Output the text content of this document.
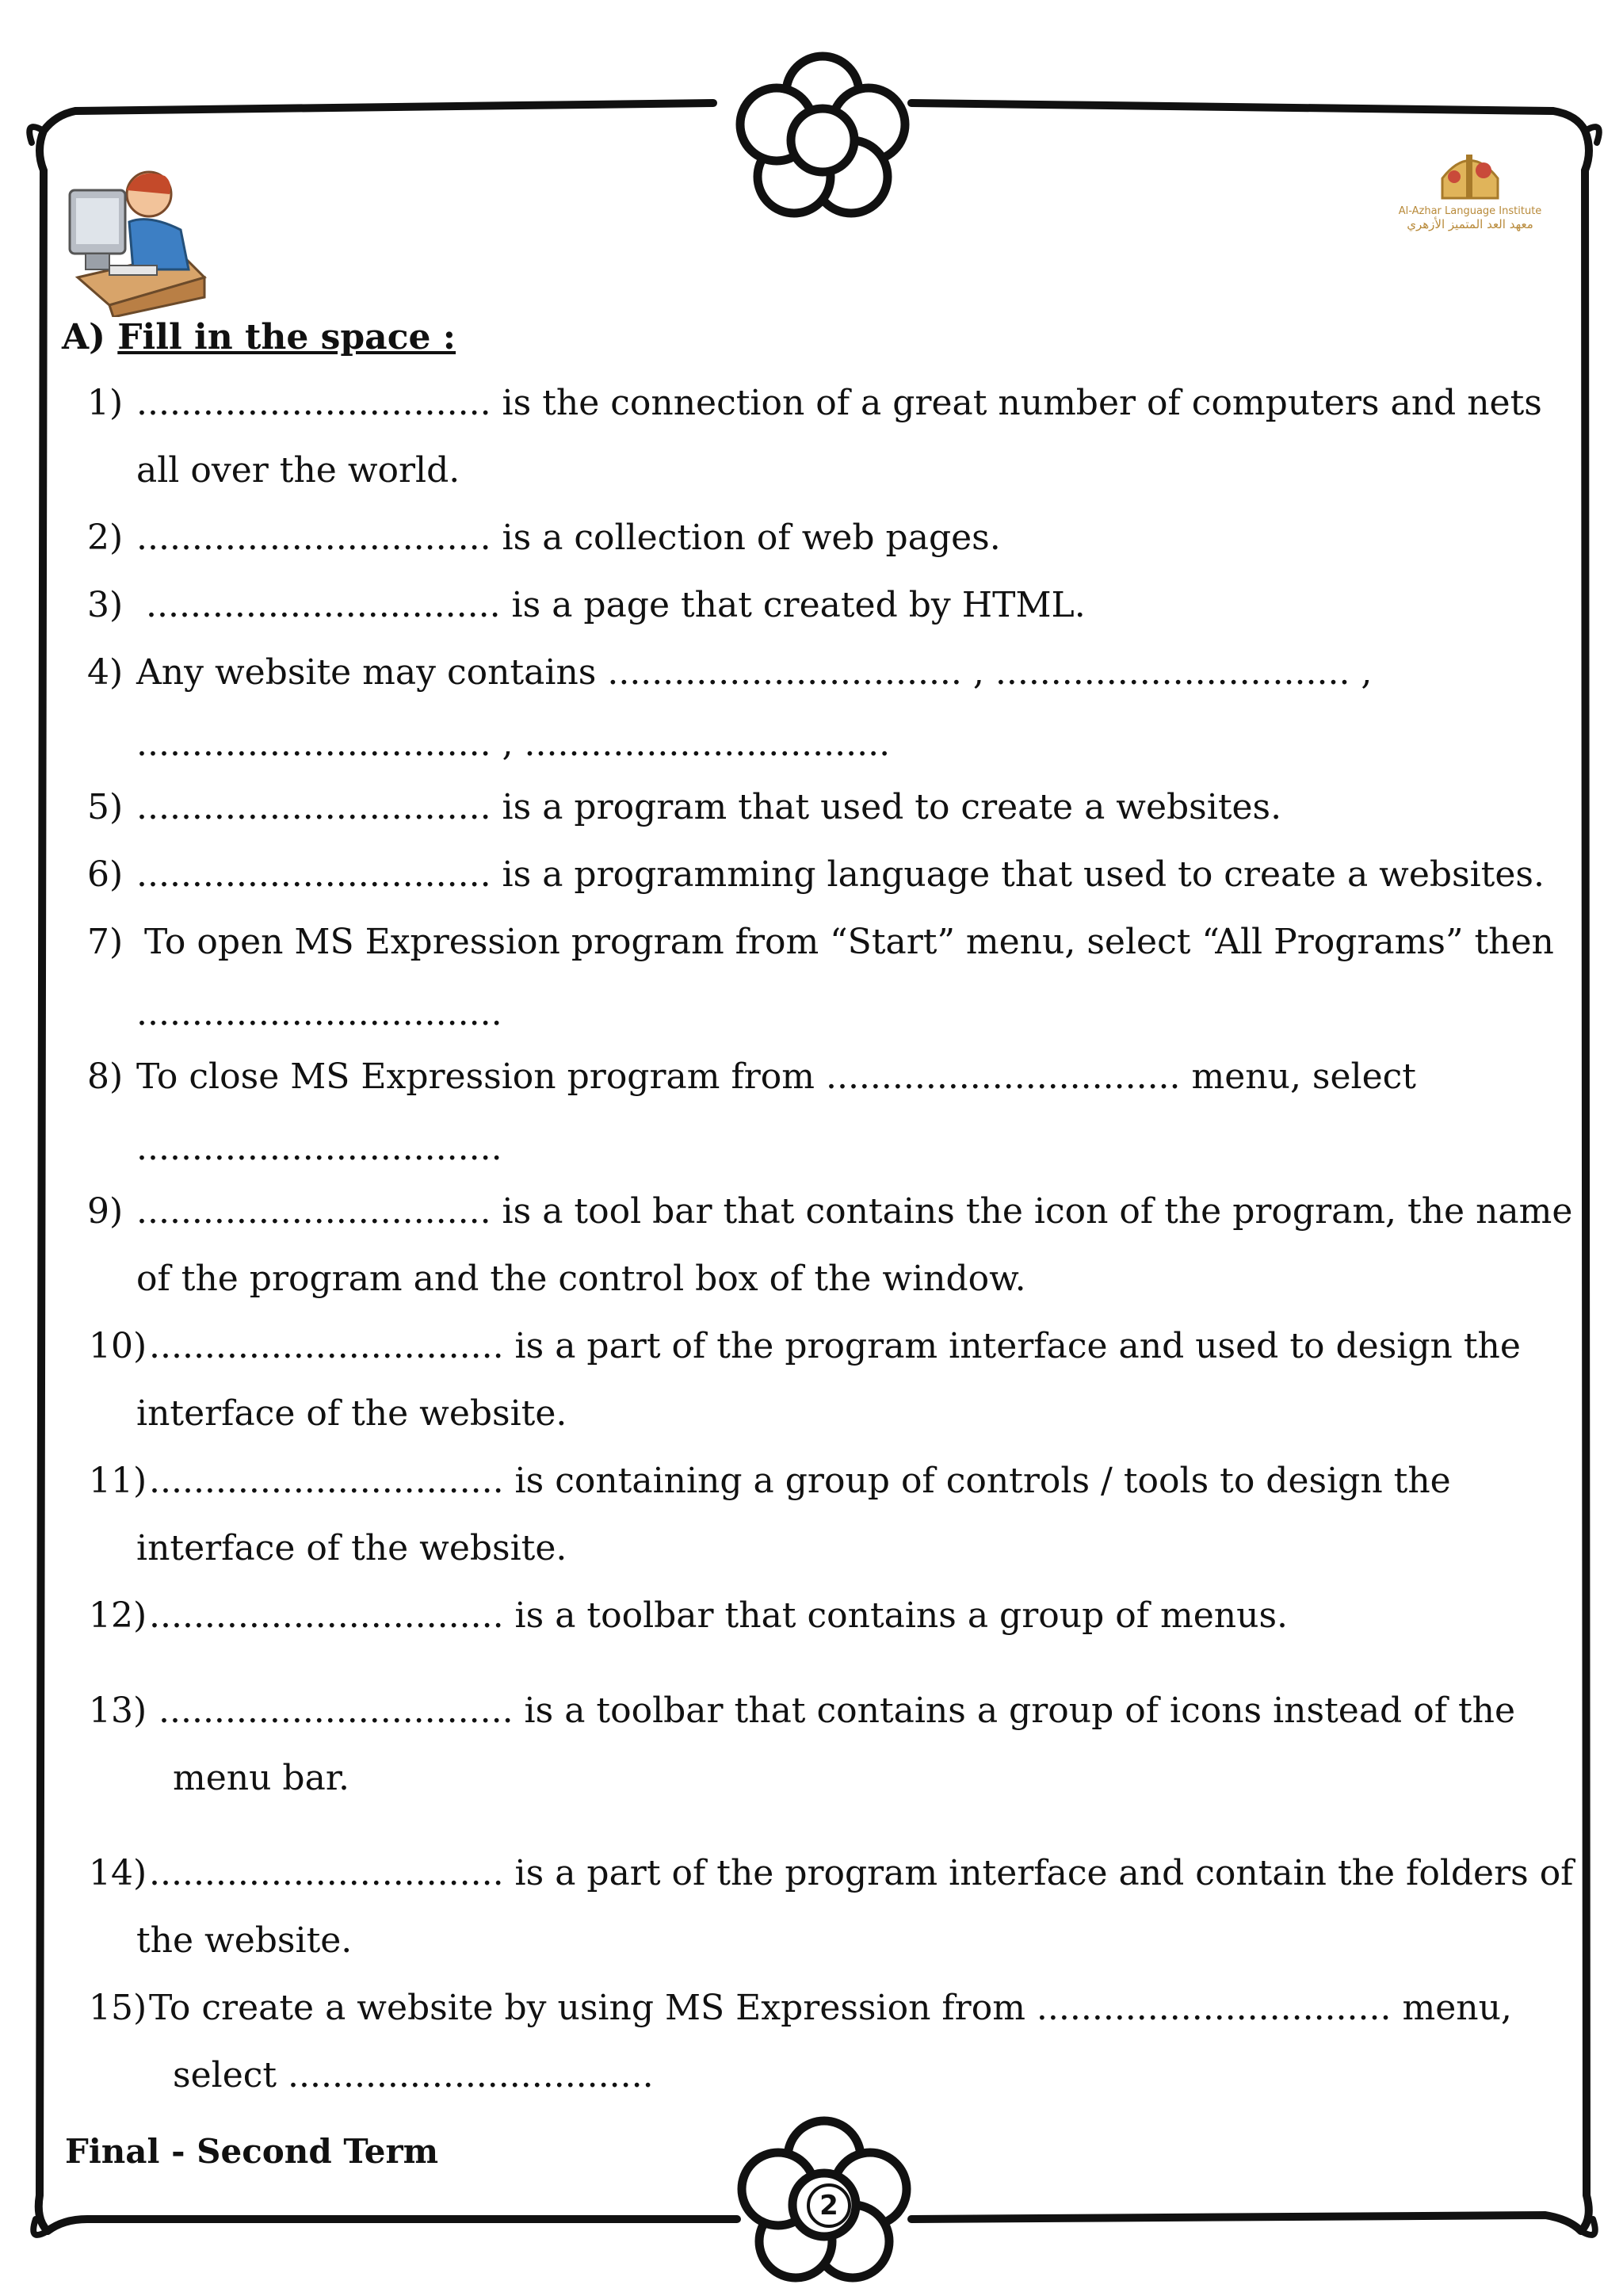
Al-Azhar Language Institute
معهد العد المتميز الأزهري
A) Fill in the space :
1) ................................ is the connection of a great number of computers and nets
all over the world.
2) ................................ is a collection of web pages.
3) ................................ is a page that created by HTML.
4) Any website may contains ................................ , ................................ ,
................................ , .................................
5) ................................ is a program that used to create a websites.
6) ................................ is a programming language that used to create a websites.
7) To open MS Expression program from “Start” menu, select “All Programs” then
.................................
8) To close MS Expression program from ................................ menu, select
.................................
9) ................................ is a tool bar that contains the icon of the program, the name
of the program and the control box of the window.
10) ................................ is a part of the program interface and used to design the
interface of the website.
11) ................................ is containing a group of controls / tools to design the
interface of the website.
12) ................................ is a toolbar that contains a group of menus.
13) ................................ is a toolbar that contains a group of icons instead of the
menu bar.
14) ................................ is a part of the program interface and contain the folders of
the website.
15) To create a website by using MS Expression from ................................ menu,
select .................................
Final - Second Term
2
